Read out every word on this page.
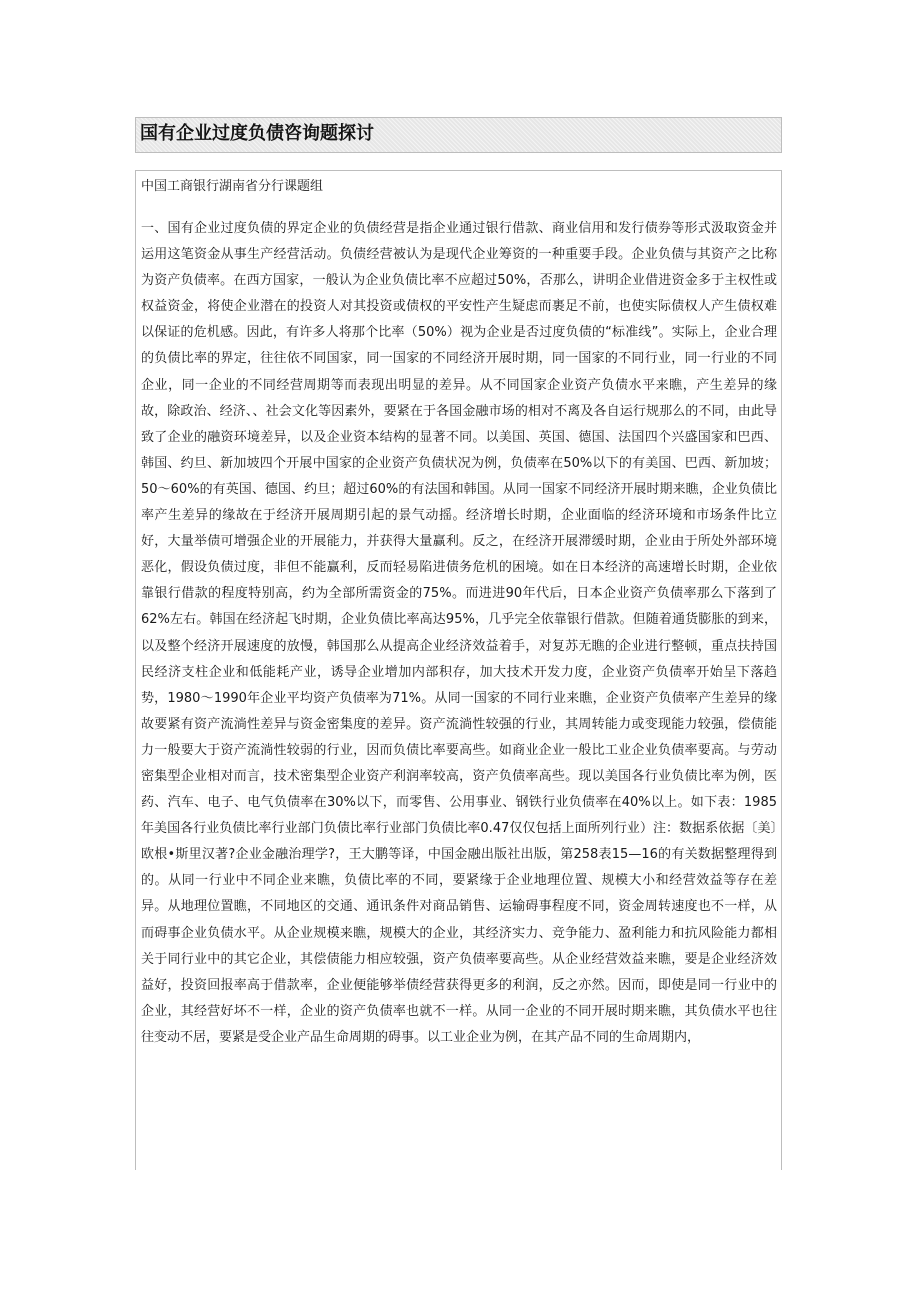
国有企业过度负债咨询题探讨
中国工商银行湖南省分行课题组

一、国有企业过度负债的界定企业的负债经营是指企业通过银行借款、商业信用和发行债券等形式汲取资金并运用这笔资金从事生产经营活动。负债经营被认为是现代企业筹资的一种重要手段。企业负债与其资产之比称为资产负债率。在西方国家，一般认为企业负债比率不应超过50%，否那么，讲明企业借进资金多于主权性或权益资金，将使企业潜在的投资人对其投资或债权的平安性产生疑虑而裹足不前，也使实际债权人产生债权难以保证的危机感。因此，有许多人将那个比率（50%）视为企业是否过度负债的“标准线”。实际上，企业合理的负债比率的界定，往往依不同国家，同一国家的不同经济开展时期，同一国家的不同行业，同一行业的不同企业，同一企业的不同经营周期等而表现出明显的差异。从不同国家企业资产负债水平来瞧，产生差异的缘故，除政治、经济、、社会文化等因素外，要紧在于各国金融市场的相对不离及各自运行规那么的不同，由此导致了企业的融资环境差异，以及企业资本结构的显著不同。以美国、英国、德国、法国四个兴盛国家和巴西、韩国、约旦、新加坡四个开展中国家的企业资产负债状况为例，负债率在50%以下的有美国、巴西、新加坡；50～60%的有英国、德国、约旦；超过60%的有法国和韩国。从同一国家不同经济开展时期来瞧，企业负债比率产生差异的缘故在于经济开展周期引起的景气动摇。经济增长时期，企业面临的经济环境和市场条件比立好，大量举债可增强企业的开展能力，并获得大量赢利。反之，在经济开展滞缓时期，企业由于所处外部环境恶化，假设负债过度，非但不能赢利，反而轻易陷进债务危机的困境。如在日本经济的高速增长时期，企业依靠银行借款的程度特别高，约为全部所需资金的75%。而进进90年代后，日本企业资产负债率那么下落到了62%左右。韩国在经济起飞时期，企业负债比率高达95%，几乎完全依靠银行借款。但随着通货膨胀的到来，以及整个经济开展速度的放慢，韩国那么从提高企业经济效益着手，对复苏无瞧的企业进行整顿，重点扶持国民经济支柱企业和低能耗产业，诱导企业增加内部积存，加大技术开发力度，企业资产负债率开始呈下落趋势，1980～1990年企业平均资产负债率为71%。从同一国家的不同行业来瞧，企业资产负债率产生差异的缘故要紧有资产流淌性差异与资金密集度的差异。资产流淌性较强的行业，其周转能力或变现能力较强，偿债能力一般要大于资产流淌性较弱的行业，因而负债比率要高些。如商业企业一般比工业企业负债率要高。与劳动密集型企业相对而言，技术密集型企业资产利润率较高，资产负债率高些。现以美国各行业负债比率为例，医药、汽车、电子、电气负债率在30%以下，而零售、公用事业、钢铁行业负债率在40%以上。如下表：1985年美国各行业负债比率行业部门负债比率行业部门负债比率0.47仅仅包括上面所列行业）注：数据系依据〔美〕欧根•斯里汉著?企业金融治理学?，王大鹏等译，中国金融出版社出版，第258表15—16的有关数据整理得到的。从同一行业中不同企业来瞧，负债比率的不同，要紧缘于企业地理位置、规模大小和经营效益等存在差异。从地理位置瞧，不同地区的交通、通讯条件对商品销售、运输碍事程度不同，资金周转速度也不一样，从而碍事企业负债水平。从企业规模来瞧，规模大的企业，其经济实力、竞争能力、盈利能力和抗风险能力都相关于同行业中的其它企业，其偿债能力相应较强，资产负债率要高些。从企业经营效益来瞧，要是企业经济效益好，投资回报率高于借款率，企业便能够举债经营获得更多的利润，反之亦然。因而，即使是同一行业中的企业，其经营好坏不一样，企业的资产负债率也就不一样。从同一企业的不同开展时期来瞧，其负债水平也往往变动不居，要紧是受企业产品生命周期的碍事。以工业企业为例，在其产品不同的生命周期内，
